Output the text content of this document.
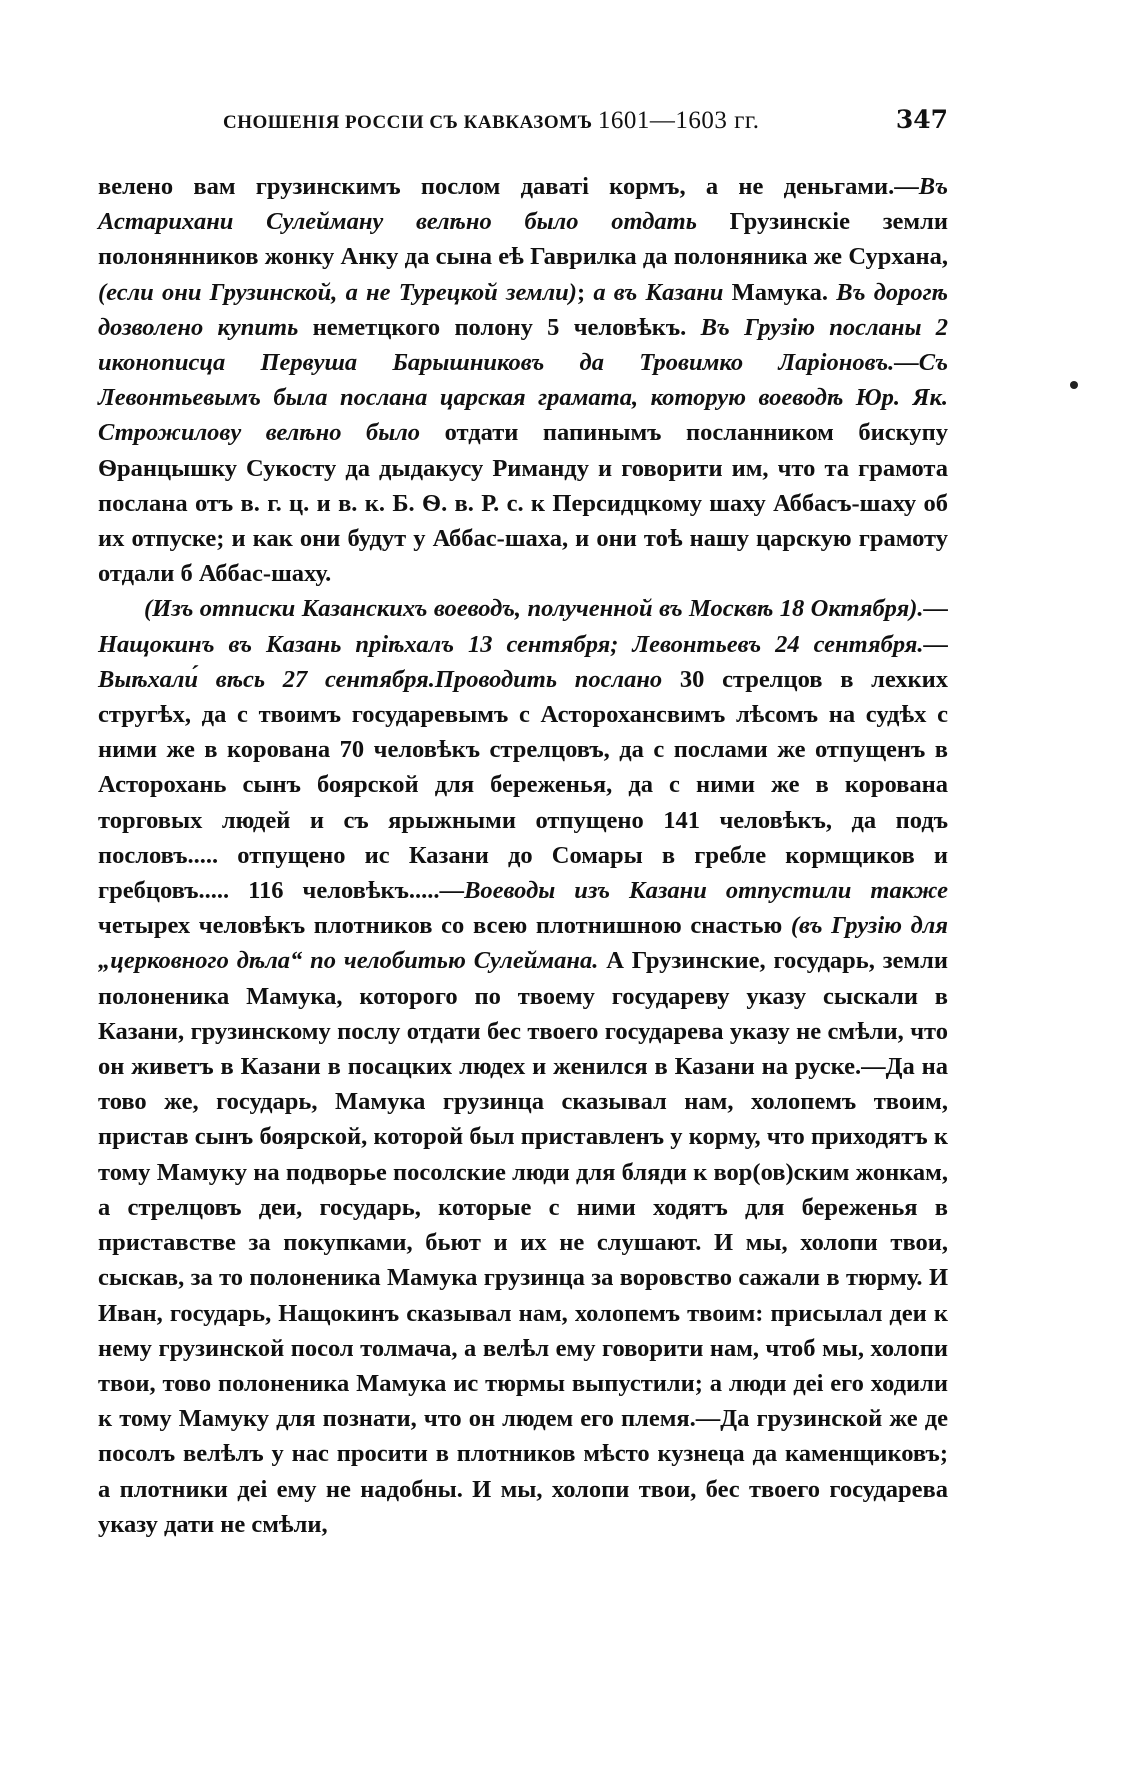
СНОШЕНІЯ РОССІИ СЪ КАВКАЗОМЪ 1601—1603 гг.	347

велено вам грузинскимъ послом даваті кормъ, а не деньгами.—Въ Астарихани Сулейману велѣно было отдать Грузинскіе земли полонянников жонку Анку да сына еѣ Гаврилка да полоняника же Сурхана, (если они Грузинской, а не Турецкой земли); а въ Казани Мамука. Въ дорогѣ дозволено купить неметцкого полону 5 человѣкъ. Въ Грузію посланы 2 иконописца Первуша Барышниковъ да Тровимко Ларіоновъ.—Съ Левонтьевымъ была послана царская грамата, которую воеводѣ Юр. Як. Строжилову велѣно было отдати папинымъ посланником бискупу Ѳранцышку Сукосту да дыдакусу Риманду и говорити им, что та грамота послана отъ в. г. ц. и в. к. Б. Ѳ. в. Р. с. к Персидцкому шаху Аббасъ-шаху об их отпуске; и как они будут у Аббас-шаха, и они тоѣ нашу царскую грамоту отдали б Аббас-шаху.

(Изъ отписки Казанскихъ воеводъ, полученной въ Москвѣ 18 Октября).—Нащокинъ въ Казань пріѣхалъ 13 сентября; Левонтьевъ 24 сентября.—Выѣхали́ вѣсь 27 сентября.Проводить послано 30 стрелцов в лехких стругѣх, да с твоимъ государевымъ с Асторохансвимъ лѣсомъ на судѣх с ними же в корована 70 человѣкъ стрелцовъ, да с послами же отпущенъ в Асторохань сынъ боярской для береженья, да с ними же в корована торговых людей и съ ярыжными отпущено 141 человѣкъ, да подъ пословъ..... отпущено ис Казани до Сомары в гребле кормщиков и гребцовъ..... 116 человѣкъ.....—Воеводы изъ Казани отпустили также четырех человѣкъ плотников со всею плотнишною снастью (въ Грузію для „церковного дѣла“ по челобитью Сулеймана. А Грузинские, государь, земли полоненика Мамука, которого по твоему государеву указу сыскали в Казани, грузинскому послу отдати бес твоего государева указу не смѣли, что он живетъ в Казани в посацких людех и женился в Казани на руске.—Да на тово же, государь, Мамука грузинца сказывал нам, холопемъ твоим, пристав сынъ боярской, которой был приставленъ у корму, что приходятъ к тому Мамуку на подворье посолские люди для бляди к вор(ов)ским жонкам, а стрелцовъ деи, государь, которые с ними ходятъ для береженья в приставстве за покупками, бьют и их не слушают. И мы, холопи твои, сыскав, за то полоненика Мамука грузинца за воровство сажали в тюрму. И Иван, государь, Нащокинъ сказывал нам, холопемъ твоим: присылал деи к нему грузинской посол толмача, а велѣл ему говорити нам, чтоб мы, холопи твои, тово полоненика Мамука ис тюрмы выпустили; а люди деі его ходили к тому Мамуку для познати, что он людем его племя.—Да грузинской же де посолъ велѣлъ у нас просити в плотников мѣсто кузнеца да каменщиковъ; а плотники деі ему не надобны. И мы, холопи твои, бес твоего государева указу дати не смѣли,
